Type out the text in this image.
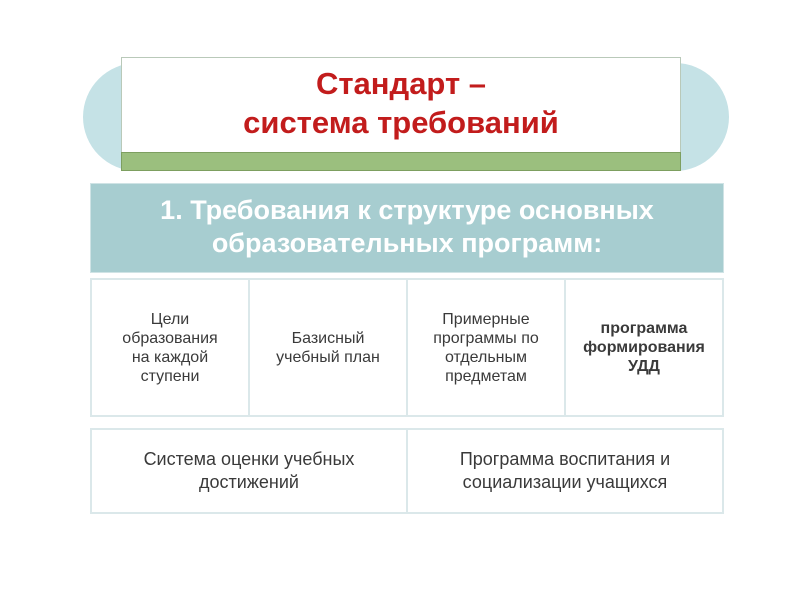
Стандарт –
система требований
1. Требования к структуре основных
образовательных программ:
Цели
образования
на каждой
ступени
Базисный
учебный план
Примерные
программы по
отдельным
предметам
программа
формирования
УДД
Система оценки учебных
достижений
Программа воспитания и
социализации учащихся
